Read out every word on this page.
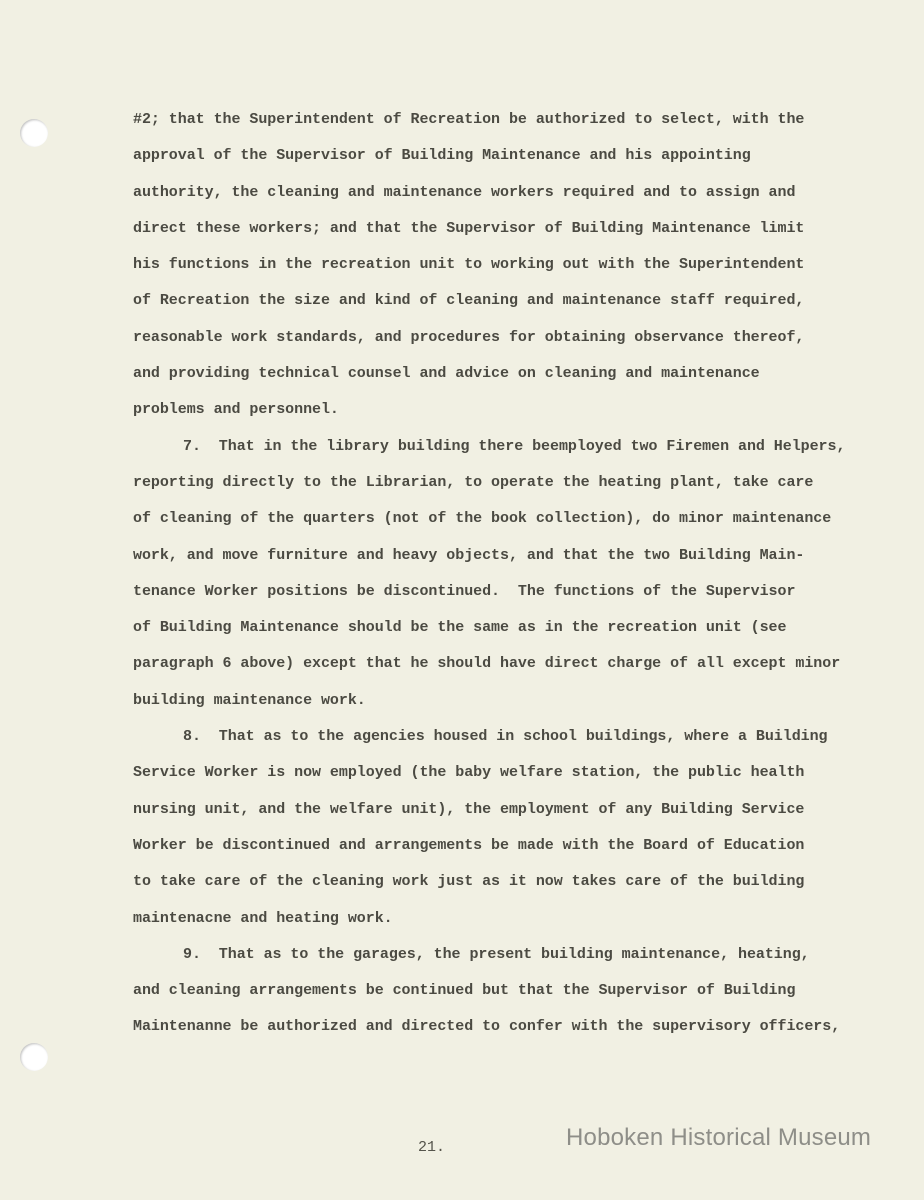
#2; that the Superintendent of Recreation be authorized to select, with the
approval of the Supervisor of Building Maintenance and his appointing
authority, the cleaning and maintenance workers required and to assign and
direct these workers; and that the Supervisor of Building Maintenance limit
his functions in the recreation unit to working out with the Superintendent
of Recreation the size and kind of cleaning and maintenance staff required,
reasonable work standards, and procedures for obtaining observance thereof,
and providing technical counsel and advice on cleaning and maintenance
problems and personnel.
7.  That in the library building there beemployed two Firemen and Helpers,
reporting directly to the Librarian, to operate the heating plant, take care
of cleaning of the quarters (not of the book collection), do minor maintenance
work, and move furniture and heavy objects, and that the two Building Main-
tenance Worker positions be discontinued.  The functions of the Supervisor
of Building Maintenance should be the same as in the recreation unit (see
paragraph 6 above) except that he should have direct charge of all except minor
building maintenance work.
8.  That as to the agencies housed in school buildings, where a Building
Service Worker is now employed (the baby welfare station, the public health
nursing unit, and the welfare unit), the employment of any Building Service
Worker be discontinued and arrangements be made with the Board of Education
to take care of the cleaning work just as it now takes care of the building
maintenacne and heating work.
9.  That as to the garages, the present building maintenance, heating,
and cleaning arrangements be continued but that the Supervisor of Building
Maintenanne be authorized and directed to confer with the supervisory officers,
21.	Hoboken Historical Museum
